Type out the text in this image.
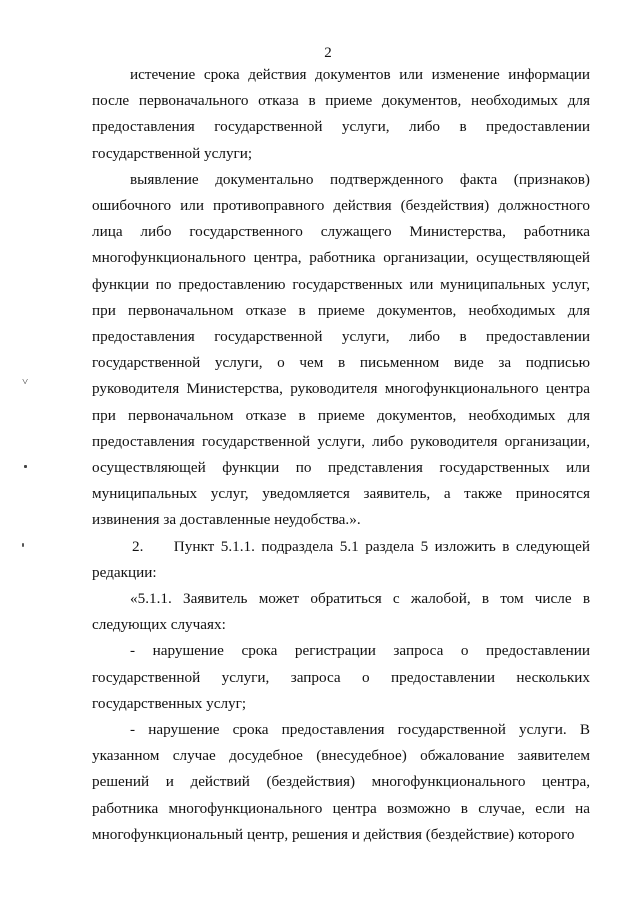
2

истечение срока действия документов или изменение информации после первоначального отказа в приеме документов, необходимых для предоставления государственной услуги, либо в предоставлении государственной услуги;

выявление документально подтвержденного факта (признаков) ошибочного или противоправного действия (бездействия) должностного лица либо государственного служащего Министерства, работника многофункционального центра, работника организации, осуществляющей функции по предоставлению государственных или муниципальных услуг, при первоначальном отказе в приеме документов, необходимых для предоставления государственной услуги, либо в предоставлении государственной услуги, о чем в письменном виде за подписью руководителя Министерства, руководителя многофункционального центра при первоначальном отказе в приеме документов, необходимых для предоставления государственной услуги, либо руководителя организации, осуществляющей функции по представления государственных или муниципальных услуг, уведомляется заявитель, а также приносятся извинения за доставленные неудобства.».

2.  Пункт 5.1.1. подраздела 5.1 раздела 5 изложить в следующей редакции:

«5.1.1. Заявитель может обратиться с жалобой, в том числе в следующих случаях:

- нарушение срока регистрации запроса о предоставлении государственной услуги, запроса о предоставлении нескольких государственных услуг;

- нарушение срока предоставления государственной услуги. В указанном случае досудебное (внесудебное) обжалование заявителем решений и действий (бездействия) многофункционального центра, работника многофункционального центра возможно в случае, если на многофункциональный центр, решения и действия (бездействие) которого

˅
